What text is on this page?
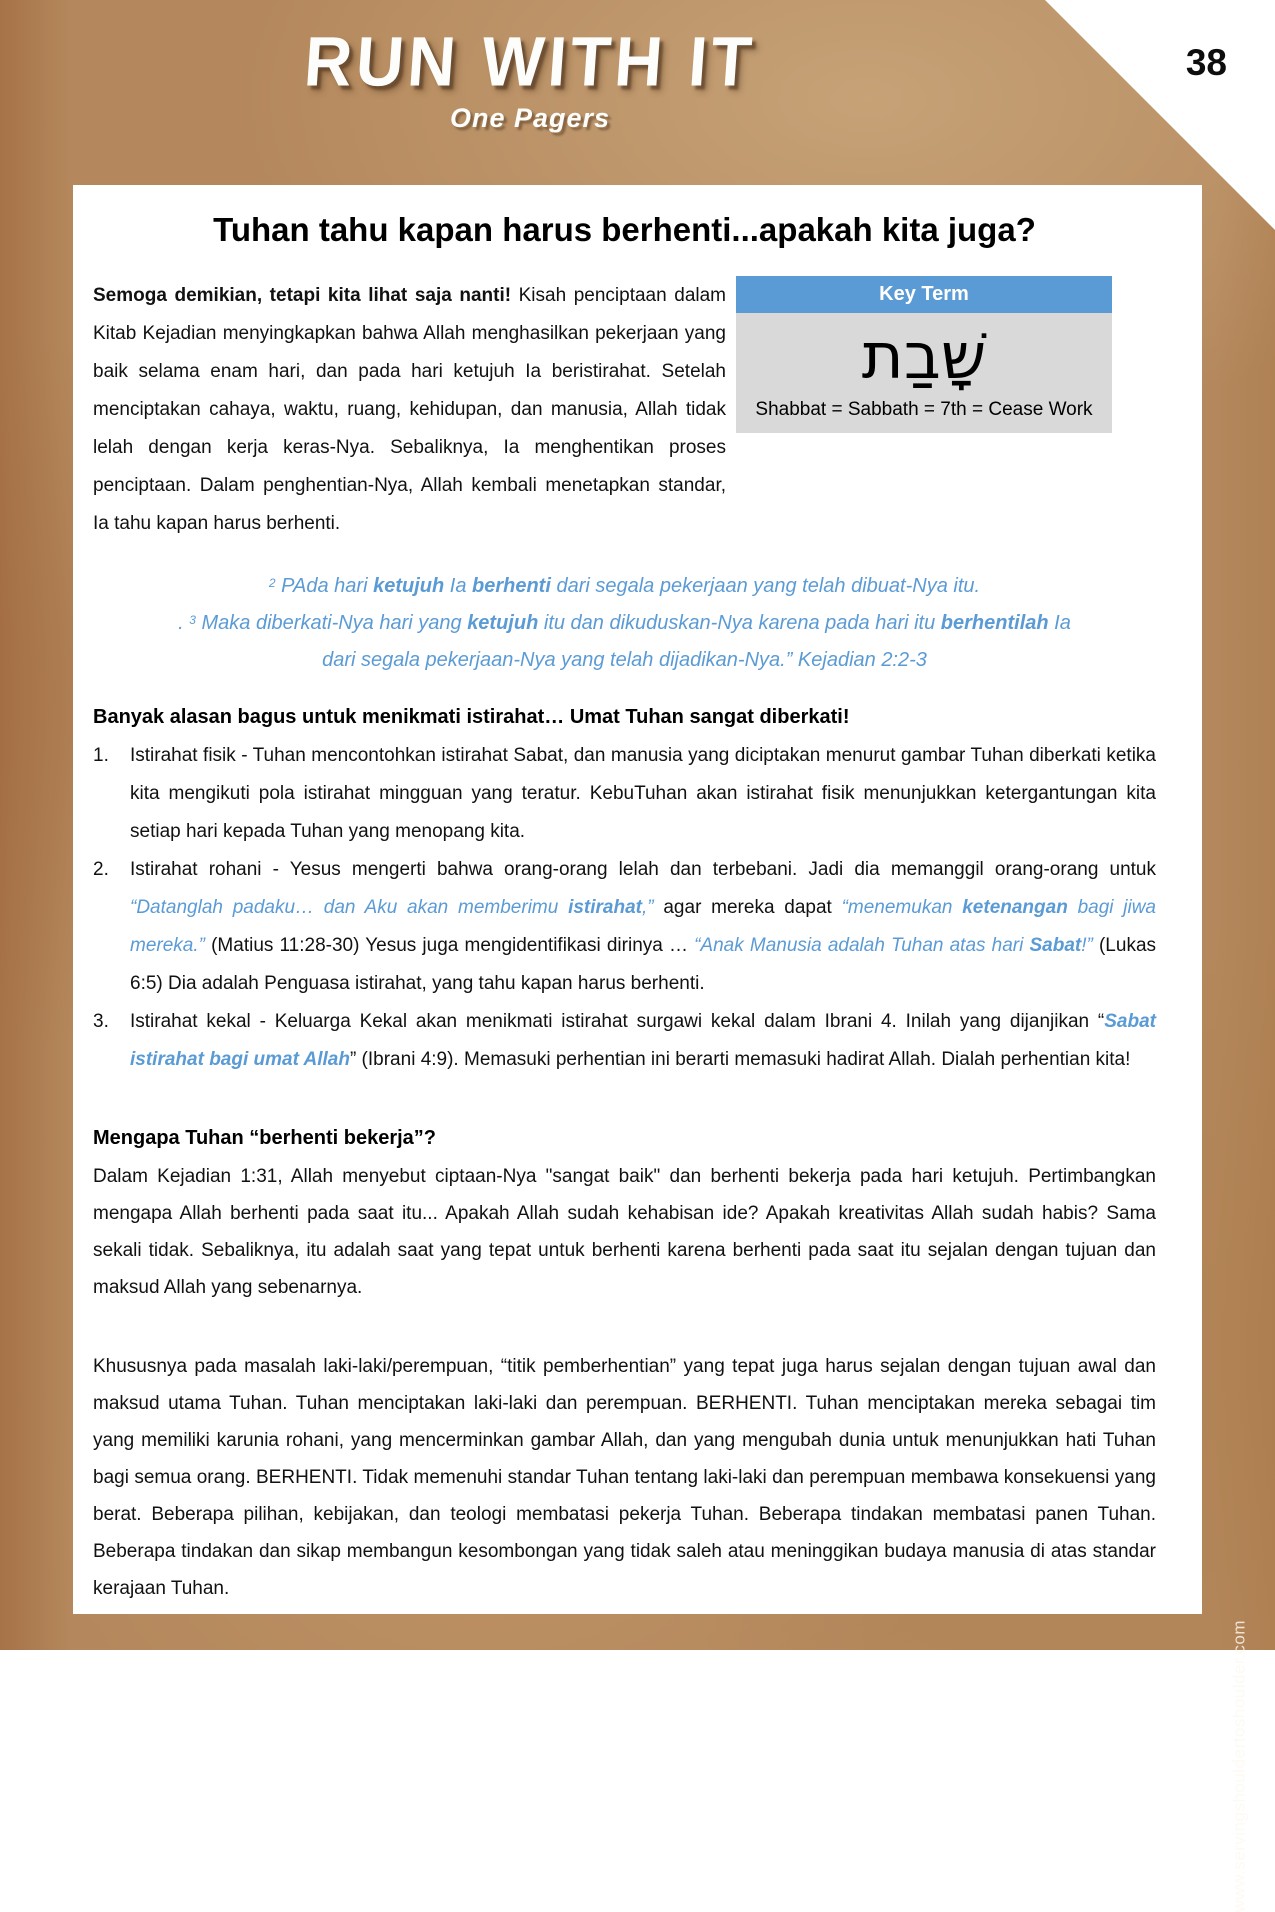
38
RUN WITH IT
One Pagers
www.servingshouldertoshoulder.com
Tuhan tahu kapan harus berhenti...apakah kita juga?

Semoga demikian, tetapi kita lihat saja nanti! Kisah penciptaan dalam Kitab Kejadian menyingkapkan bahwa Allah menghasilkan pekerjaan yang baik selama enam hari, dan pada hari ketujuh Ia beristirahat. Setelah menciptakan cahaya, waktu, ruang, kehidupan, dan manusia, Allah tidak lelah dengan kerja keras-Nya. Sebaliknya, Ia menghentikan proses penciptaan. Dalam penghentian-Nya, Allah kembali menetapkan standar, Ia tahu kapan harus berhenti.

Key Term
שָׁבַת
Shabbat = Sabbath = 7th = Cease Work
$^2$ PAda hari ketujuh Ia berhenti dari segala pekerjaan yang telah dibuat-Nya itu.
. $^3$ Maka diberkati-Nya hari yang ketujuh itu dan dikuduskan-Nya karena pada hari itu berhentilah Ia
dari segala pekerjaan-Nya yang telah dijadikan-Nya.” Kejadian 2:2-3
Banyak alasan bagus untuk menikmati istirahat… Umat Tuhan sangat diberkati!
1.	Istirahat fisik - Tuhan mencontohkan istirahat Sabat, dan manusia yang diciptakan menurut gambar Tuhan diberkati ketika kita mengikuti pola istirahat mingguan yang teratur. KebuTuhan akan istirahat fisik menunjukkan ketergantungan kita setiap hari kepada Tuhan yang menopang kita.
2.	Istirahat rohani - Yesus mengerti bahwa orang-orang lelah dan terbebani. Jadi dia memanggil orang-orang untuk “Datanglah padaku… dan Aku akan memberimu istirahat,” agar mereka dapat “menemukan ketenangan bagi jiwa mereka.” (Matius 11:28-30) Yesus juga mengidentifikasi dirinya … “Anak Manusia adalah Tuhan atas hari Sabat!” (Lukas 6:5) Dia adalah Penguasa istirahat, yang tahu kapan harus berhenti.
3.	Istirahat kekal - Keluarga Kekal akan menikmati istirahat surgawi kekal dalam Ibrani 4. Inilah yang dijanjikan “Sabat istirahat bagi umat Allah” (Ibrani 4:9). Memasuki perhentian ini berarti memasuki hadirat Allah. Dialah perhentian kita!
Mengapa Tuhan “berhenti bekerja”?

Dalam Kejadian 1:31, Allah menyebut ciptaan-Nya "sangat baik" dan berhenti bekerja pada hari ketujuh. Pertimbangkan mengapa Allah berhenti pada saat itu... Apakah Allah sudah kehabisan ide? Apakah kreativitas Allah sudah habis? Sama sekali tidak. Sebaliknya, itu adalah saat yang tepat untuk berhenti karena berhenti pada saat itu sejalan dengan tujuan dan maksud Allah yang sebenarnya.

Khususnya pada masalah laki-laki/perempuan, “titik pemberhentian” yang tepat juga harus sejalan dengan tujuan awal dan maksud utama Tuhan. Tuhan menciptakan laki-laki dan perempuan. BERHENTI. Tuhan menciptakan mereka sebagai tim yang memiliki karunia rohani, yang mencerminkan gambar Allah, dan yang mengubah dunia untuk menunjukkan hati Tuhan bagi semua orang. BERHENTI. Tidak memenuhi standar Tuhan tentang laki-laki dan perempuan membawa konsekuensi yang berat. Beberapa pilihan, kebijakan, dan teologi membatasi pekerja Tuhan. Beberapa tindakan membatasi panen Tuhan. Beberapa tindakan dan sikap membangun kesombongan yang tidak saleh atau meninggikan budaya manusia di atas standar kerajaan Tuhan.
